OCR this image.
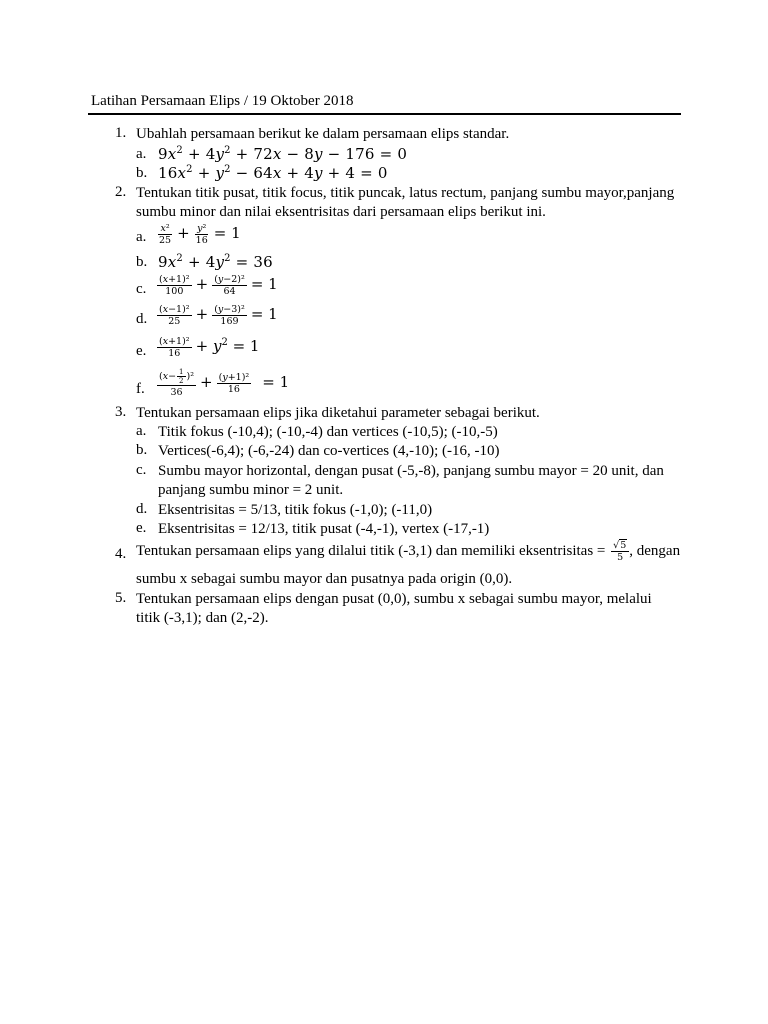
Latihan Persamaan Elips / 19 Oktober 2018
1. Ubahlah persamaan berikut ke dalam persamaan elips standar.
a. $9x^2 + 4y^2 + 72x - 8y - 176 = 0$
b. $16x^2 + y^2 - 64x + 4y + 4 = 0$
2. Tentukan titik pusat, titik focus, titik puncak, latus rectum, panjang sumbu mayor,panjang
sumbu minor dan nilai eksentrisitas dari persamaan elips berikut ini.
a. $\frac{\text{x²}}{25} + \frac{\text{y²}}{16} = 1$
b. $9x^2 + 4y^2 = 36$
c. $\frac{\text{(x+1)²}}{100} + \frac{\text{(y−2)²}}{64} = 1$
d. $\frac{\text{(x−1)²}}{25} + \frac{\text{(y−3)²}}{169} = 1$
e. $\frac{\text{(x+1)²}}{16} + y^2 = 1$
f. $\frac{(x- \frac{1}{2} )^2}{36} + \frac{\text{(y+1)²}}{16} = 1$
3. Tentukan persamaan elips jika diketahui parameter sebagai berikut.
a. Titik fokus (-10,4); (-10,-4) dan vertices (-10,5); (-10,-5)
b. Vertices(-6,4); (-6,-24) dan co-vertices (4,-10); (-16, -10)
c. Sumbu mayor horizontal, dengan pusat (-5,-8), panjang sumbu mayor = 20 unit, dan
panjang sumbu minor = 2 unit.
d. Eksentrisitas = 5/13, titik fokus (-1,0); (-11,0)
e. Eksentrisitas = 12/13, titik pusat (-4,-1), vertex (-17,-1)
4. Tentukan persamaan elips yang dilalui titik (-3,1) dan memiliki eksentrisitas = $\frac{√5}{5}$ , dengan
sumbu x sebagai sumbu mayor dan pusatnya pada origin (0,0).
5. Tentukan persamaan elips dengan pusat (0,0), sumbu x sebagai sumbu mayor, melalui
titik (-3,1); dan (2,-2).
